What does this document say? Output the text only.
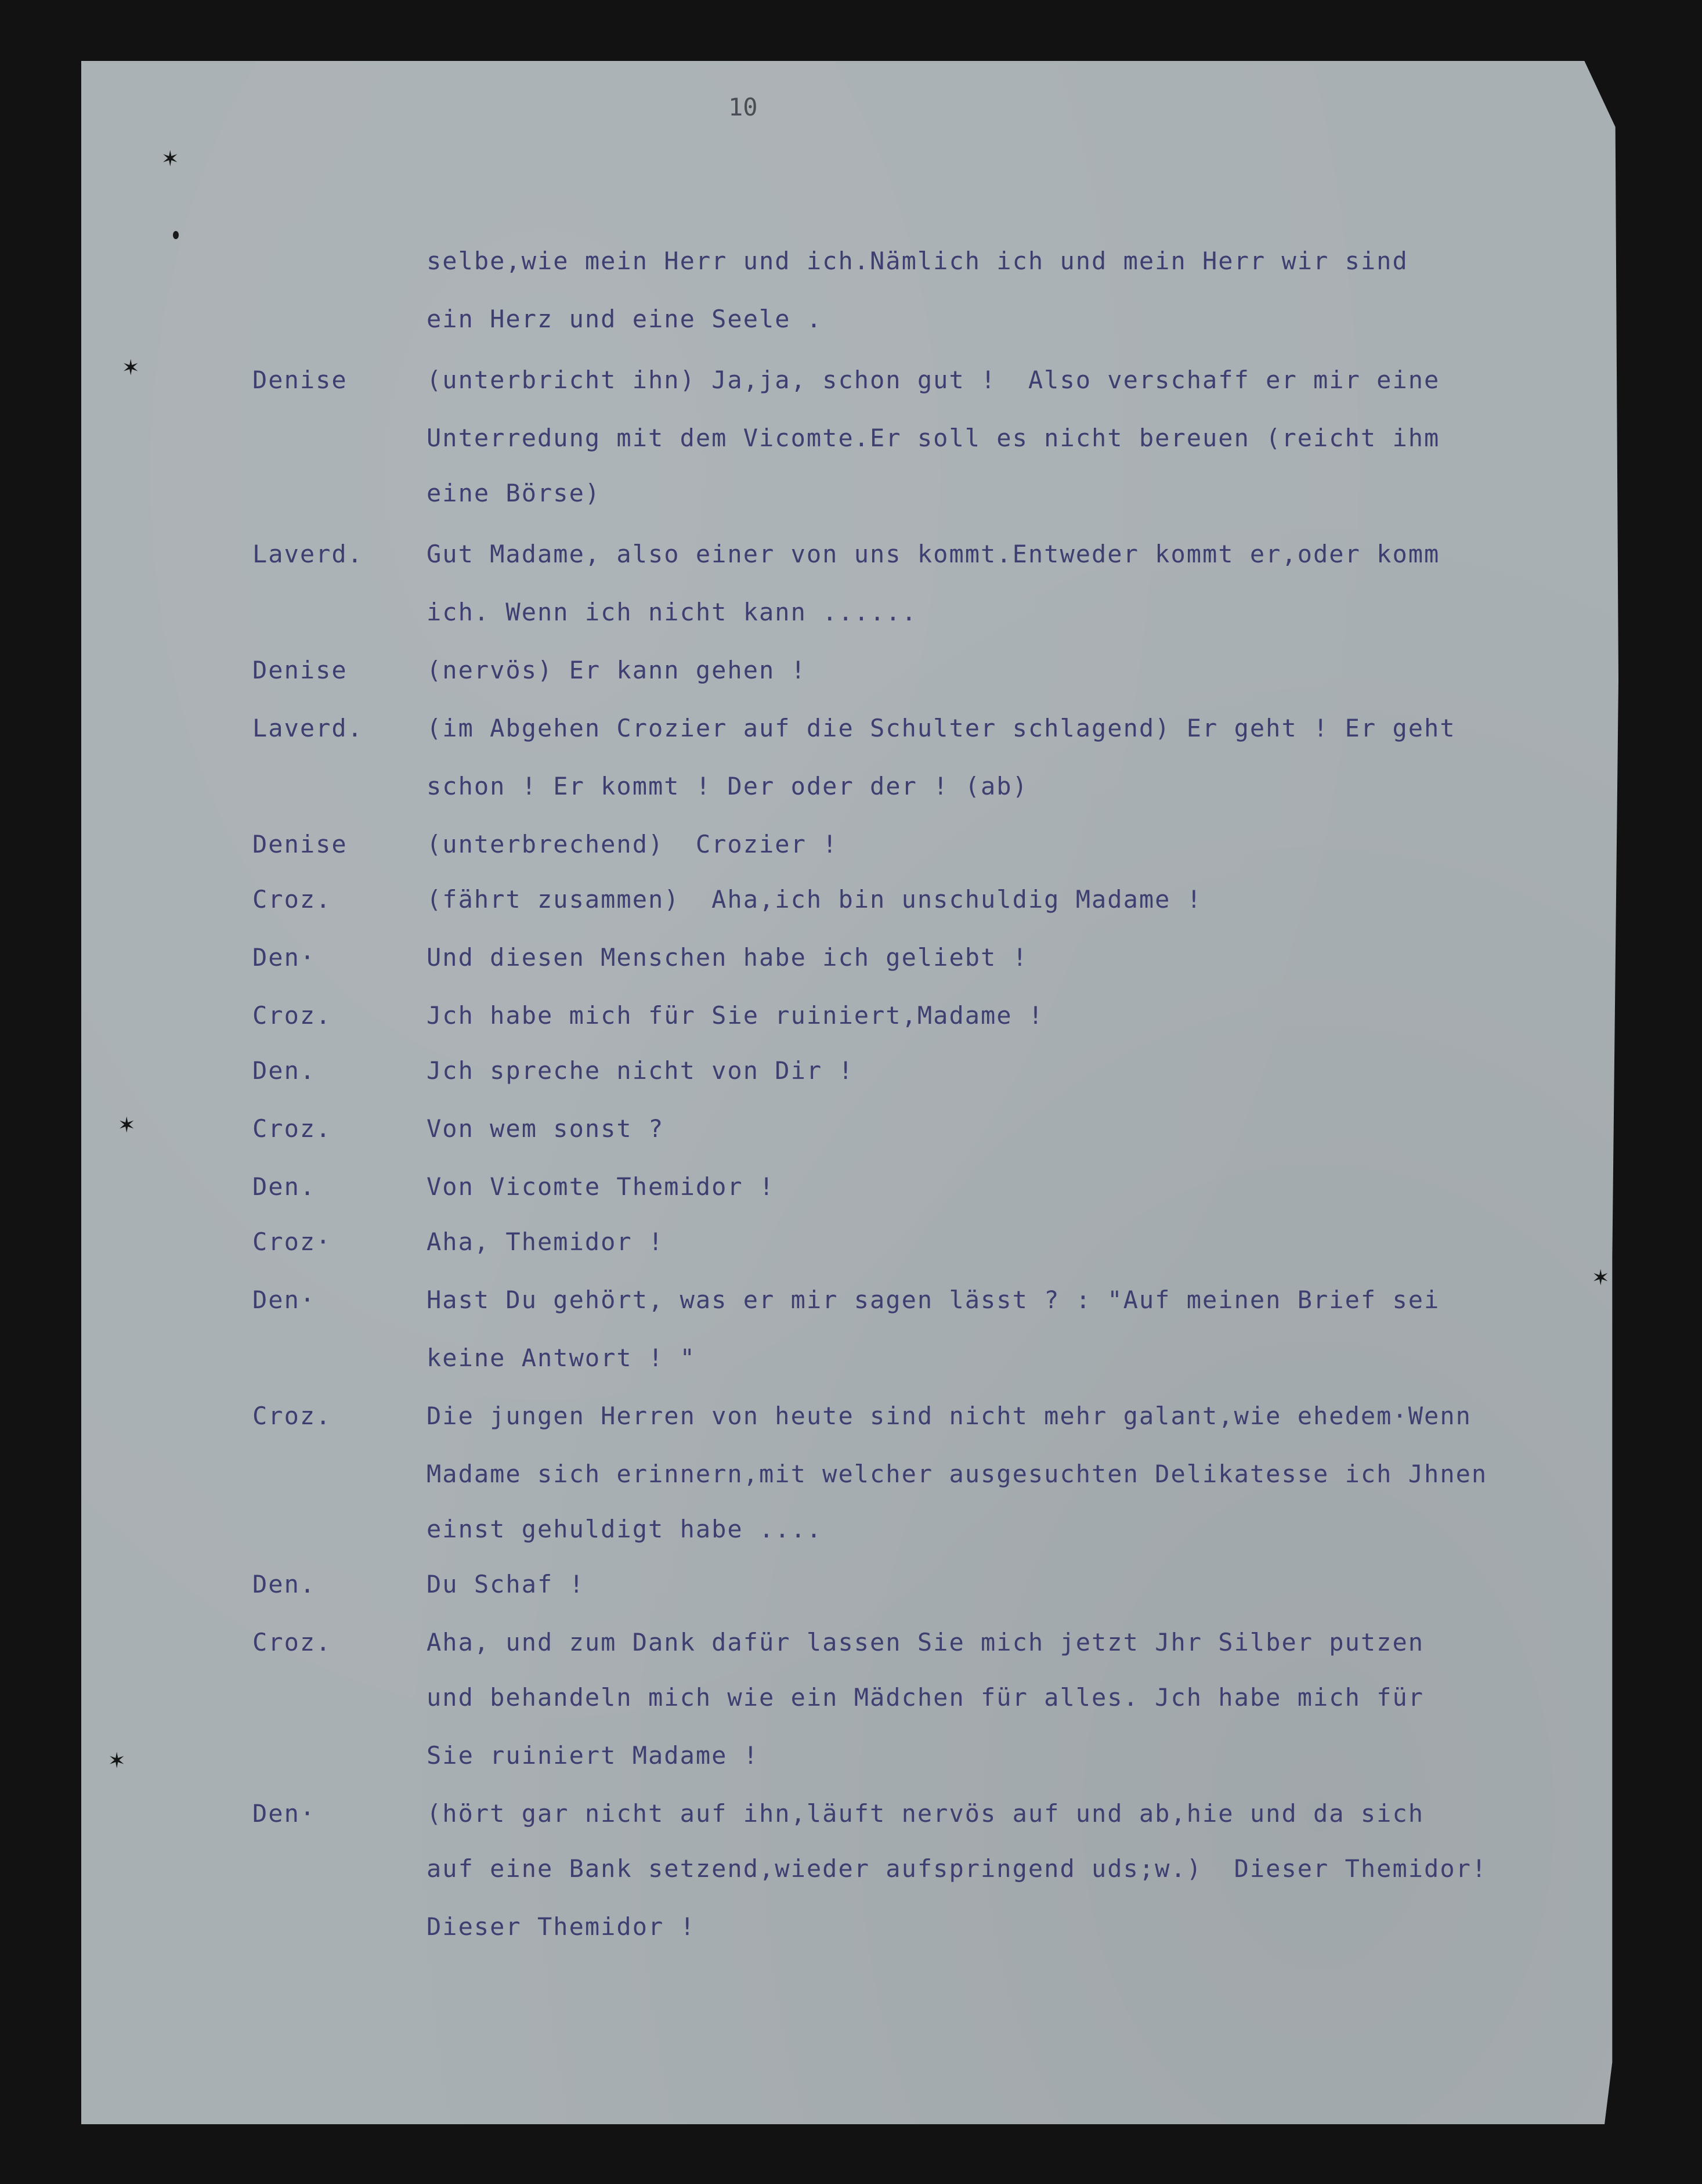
10
selbe,wie mein Herr und ich.Nämlich ich und mein Herr wir sind
ein Herz und eine Seele .
Denise	(unterbricht ihn) Ja,ja, schon gut !  Also verschaff er mir eine
Unterredung mit dem Vicomte.Er soll es nicht bereuen (reicht ihm
eine Börse)
Laverd.	Gut Madame, also einer von uns kommt.Entweder kommt er,oder komm
ich. Wenn ich nicht kann ......
Denise	(nervös) Er kann gehen !
Laverd.	(im Abgehen Crozier auf die Schulter schlagend) Er geht ! Er geht
schon ! Er kommt ! Der oder der ! (ab)
Denise	(unterbrechend)  Crozier !
Croz.	(fährt zusammen)  Aha,ich bin unschuldig Madame !
Den·	Und diesen Menschen habe ich geliebt !
Croz.	Jch habe mich für Sie ruiniert,Madame !
Den.	Jch spreche nicht von Dir !
Croz.	Von wem sonst ?
Den.	Von Vicomte Themidor !
Croz·	Aha, Themidor !
Den·	Hast Du gehört, was er mir sagen lässt ? : "Auf meinen Brief sei
keine Antwort ! "
Croz.	Die jungen Herren von heute sind nicht mehr galant,wie ehedem·Wenn
Madame sich erinnern,mit welcher ausgesuchten Delikatesse ich Jhnen
einst gehuldigt habe ....
Den.	Du Schaf !
Croz.	Aha, und zum Dank dafür lassen Sie mich jetzt Jhr Silber putzen
und behandeln mich wie ein Mädchen für alles. Jch habe mich für
Sie ruiniert Madame !
Den·	(hört gar nicht auf ihn,läuft nervös auf und ab,hie und da sich
auf eine Bank setzend,wieder aufspringend uds;w.)  Dieser Themidor!
Dieser Themidor !
✶
✶
✶
✶
✶
